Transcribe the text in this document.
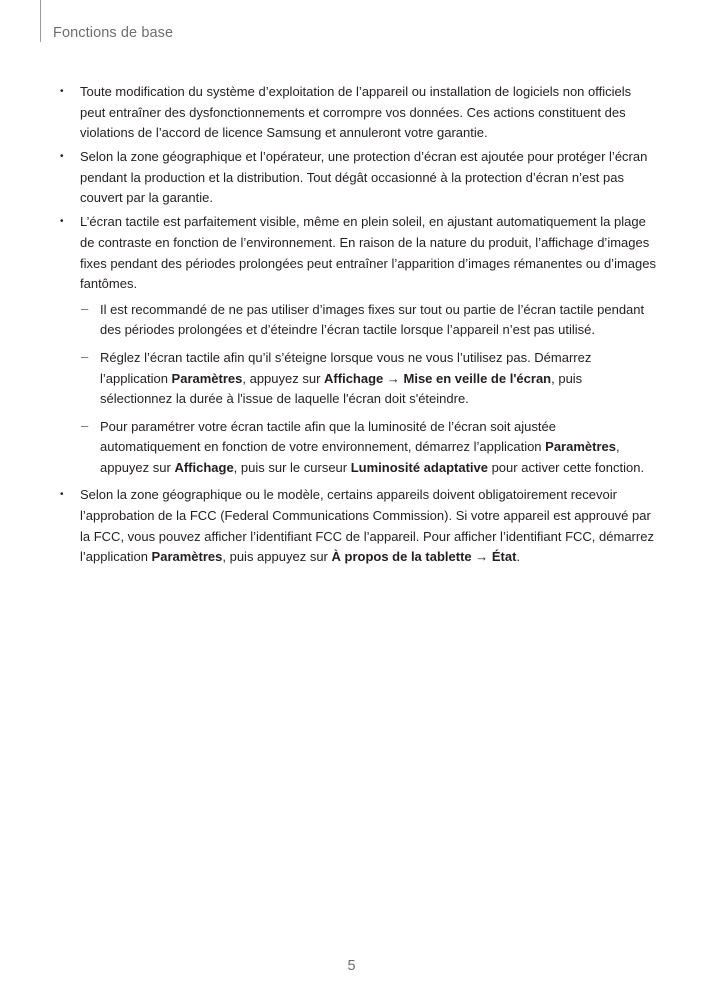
Fonctions de base
• Toute modification du système d’exploitation de l’appareil ou installation de logiciels non officiels peut entraîner des dysfonctionnements et corrompre vos données. Ces actions constituent des violations de l’accord de licence Samsung et annuleront votre garantie.
• Selon la zone géographique et l’opérateur, une protection d’écran est ajoutée pour protéger l’écran pendant la production et la distribution. Tout dégât occasionné à la protection d’écran n’est pas couvert par la garantie.
• L’écran tactile est parfaitement visible, même en plein soleil, en ajustant automatiquement la plage de contraste en fonction de l’environnement. En raison de la nature du produit, l’affichage d’images fixes pendant des périodes prolongées peut entraîner l’apparition d’images rémanentes ou d’images fantômes.
– Il est recommandé de ne pas utiliser d’images fixes sur tout ou partie de l’écran tactile pendant des périodes prolongées et d’éteindre l’écran tactile lorsque l’appareil n’est pas utilisé.
– Réglez l’écran tactile afin qu’il s’éteigne lorsque vous ne vous l’utilisez pas. Démarrez l’application Paramètres, appuyez sur Affichage → Mise en veille de l'écran, puis sélectionnez la durée à l'issue de laquelle l'écran doit s'éteindre.
– Pour paramétrer votre écran tactile afin que la luminosité de l’écran soit ajustée automatiquement en fonction de votre environnement, démarrez l’application Paramètres, appuyez sur Affichage, puis sur le curseur Luminosité adaptative pour activer cette fonction.
• Selon la zone géographique ou le modèle, certains appareils doivent obligatoirement recevoir l’approbation de la FCC (Federal Communications Commission). Si votre appareil est approuvé par la FCC, vous pouvez afficher l’identifiant FCC de l’appareil. Pour afficher l’identifiant FCC, démarrez l’application Paramètres, puis appuyez sur À propos de la tablette → État.
5
